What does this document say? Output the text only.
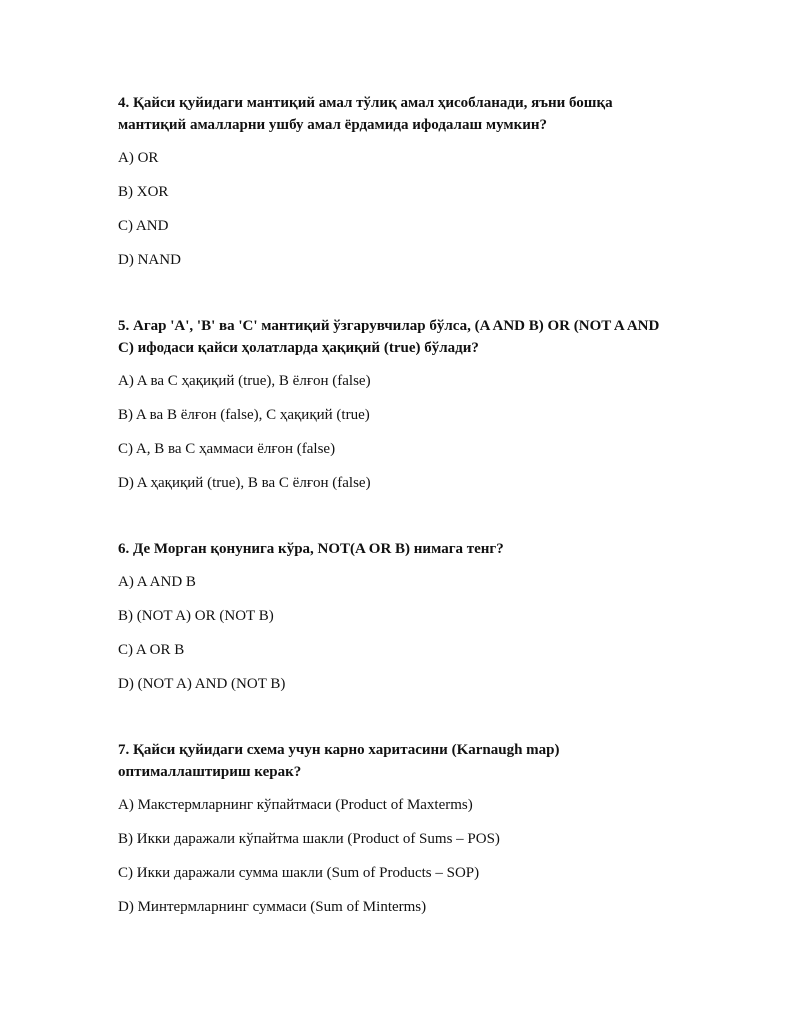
4. Қайси қуйидаги мантиқий амал тўлиқ амал ҳисобланади, яъни бошқа мантиқий амалларни ушбу амал ёрдамида ифодалаш мумкин?

A) OR

B) XOR

C) AND

D) NAND

5. Агар 'A', 'B' ва 'C' мантиқий ўзгарувчилар бўлса, (A AND B) OR (NOT A AND C) ифодаси қайси ҳолатларда ҳақиқий (true) бўлади?

A) A ва C ҳақиқий (true), B ёлғон (false)

B) A ва B ёлғон (false), C ҳақиқий (true)

C) A, B ва C ҳаммаси ёлғон (false)

D) A ҳақиқий (true), B ва C ёлғон (false)

6. Де Морган қонунига кўра, NOT(A OR B) нимага тенг?

A) A AND B

B) (NOT A) OR (NOT B)

C) A OR B

D) (NOT A) AND (NOT B)

7. Қайси қуйидаги схема учун карно харитасини (Karnaugh map) оптималлаштириш керак?

A) Макстермларнинг кўпайтмаси (Product of Maxterms)

B) Икки даражали кўпайтма шакли (Product of Sums – POS)

C) Икки даражали сумма шакли (Sum of Products – SOP)

D) Минтермларнинг суммаси (Sum of Minterms)
